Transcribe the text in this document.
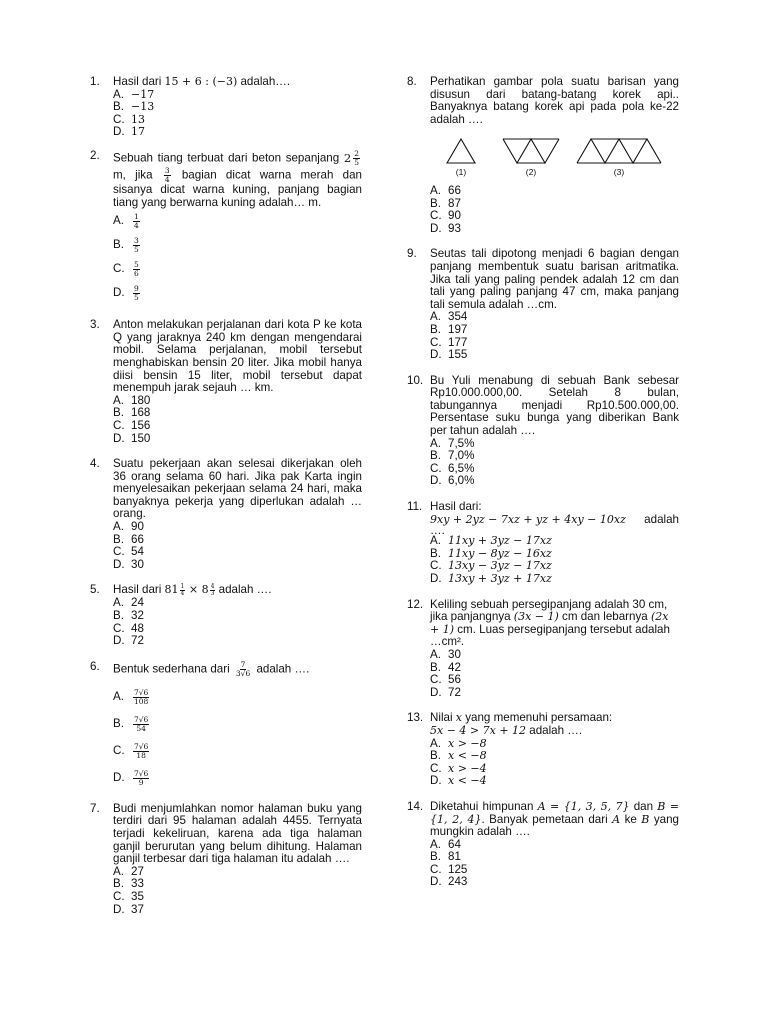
1. Hasil dari 15 + 6 : (−3) adalah….
A. −17
B. −13
C. 13
D. 17
2. Sebuah tiang terbuat dari beton sepanjang 2 2
5
m, jika $\frac{3}{4}$ bagian dicat warna merah dan sisanya dicat warna kuning, panjang bagian tiang yang berwarna kuning adalah… m.
A.	1
4
B.	3
5
C.	5
6
D.	9
5
3. Anton melakukan perjalanan dari kota P ke kota Q yang jaraknya 240 km dengan mengendarai mobil. Selama perjalanan, mobil tersebut menghabiskan bensin 20 liter. Jika mobil hanya diisi bensin 15 liter, mobil tersebut dapat menempuh jarak sejauh … km.
A. 180
B. 168
C. 156
D. 150
4. Suatu pekerjaan akan selesai dikerjakan oleh 36 orang selama 60 hari. Jika pak Karta ingin menyelesaikan pekerjaan selama 24 hari, maka banyaknya pekerja yang diperlukan adalah … orang.
A. 90
B. 66
C. 54
D. 30
5. Hasil dari $81 \frac{1}{4} \times 8 \frac{4}{3}$ adalah ….
A. 24
B. 32
C. 48
D. 72
6. Bentuk sederhana dari $\frac{7}{3√6}$ adalah ….
A.	7√6
108
B.	7√6
54
C.	7√6
18
D.	7√6
9
7. Budi menjumlahkan nomor halaman buku yang terdiri dari 95 halaman adalah 4455. Ternyata terjadi kekeliruan, karena ada tiga halaman ganjil berurutan yang belum dihitung. Halaman ganjil terbesar dari tiga halaman itu adalah ….
A. 27
B. 33
C. 35
D. 37
8. Perhatikan gambar pola suatu barisan yang disusun dari batang-batang korek api.. Banyaknya batang korek api pada pola ke-22 adalah ….
(1)	(2)	(3)
A. 66
B. 87
C. 90
D. 93
9. Seutas tali dipotong menjadi 6 bagian dengan panjang membentuk suatu barisan aritmatika. Jika tali yang paling pendek adalah 12 cm dan tali yang paling panjang 47 cm, maka panjang tali semula adalah …cm.
A. 354
B. 197
C. 177
D. 155
10. Bu Yuli menabung di sebuah Bank sebesar Rp10.000.000,00. Setelah 8 bulan, tabungannya menjadi Rp10.500.000,00. Persentase suku bunga yang diberikan Bank per tahun adalah ….
A. 7,5%
B. 7,0%
C. 6,5%
D. 6,0%
11. Hasil dari:
9xy + 2yz − 7xz + yz + 4xy − 10xz adalah
….
A. 11xy + 3yz − 17xz
B. 11xy − 8yz − 16xz
C. 13xy − 3yz − 17xz
D. 13xy + 3yz + 17xz
12. Keliling sebuah persegipanjang adalah 30 cm, jika panjangnya (3x − 1) cm dan lebarnya (2x + 1) cm. Luas persegipanjang tersebut adalah …cm².
A. 30
B. 42
C. 56
D. 72
13. Nilai x yang memenuhi persamaan:
5x − 4 > 7x + 12 adalah ….
A. x > −8
B. x < −8
C. x > −4
D. x < −4
14. Diketahui himpunan A = {1, 3, 5, 7} dan B = {1, 2, 4}. Banyak pemetaan dari A ke B yang mungkin adalah ….
A. 64
B. 81
C. 125
D. 243
